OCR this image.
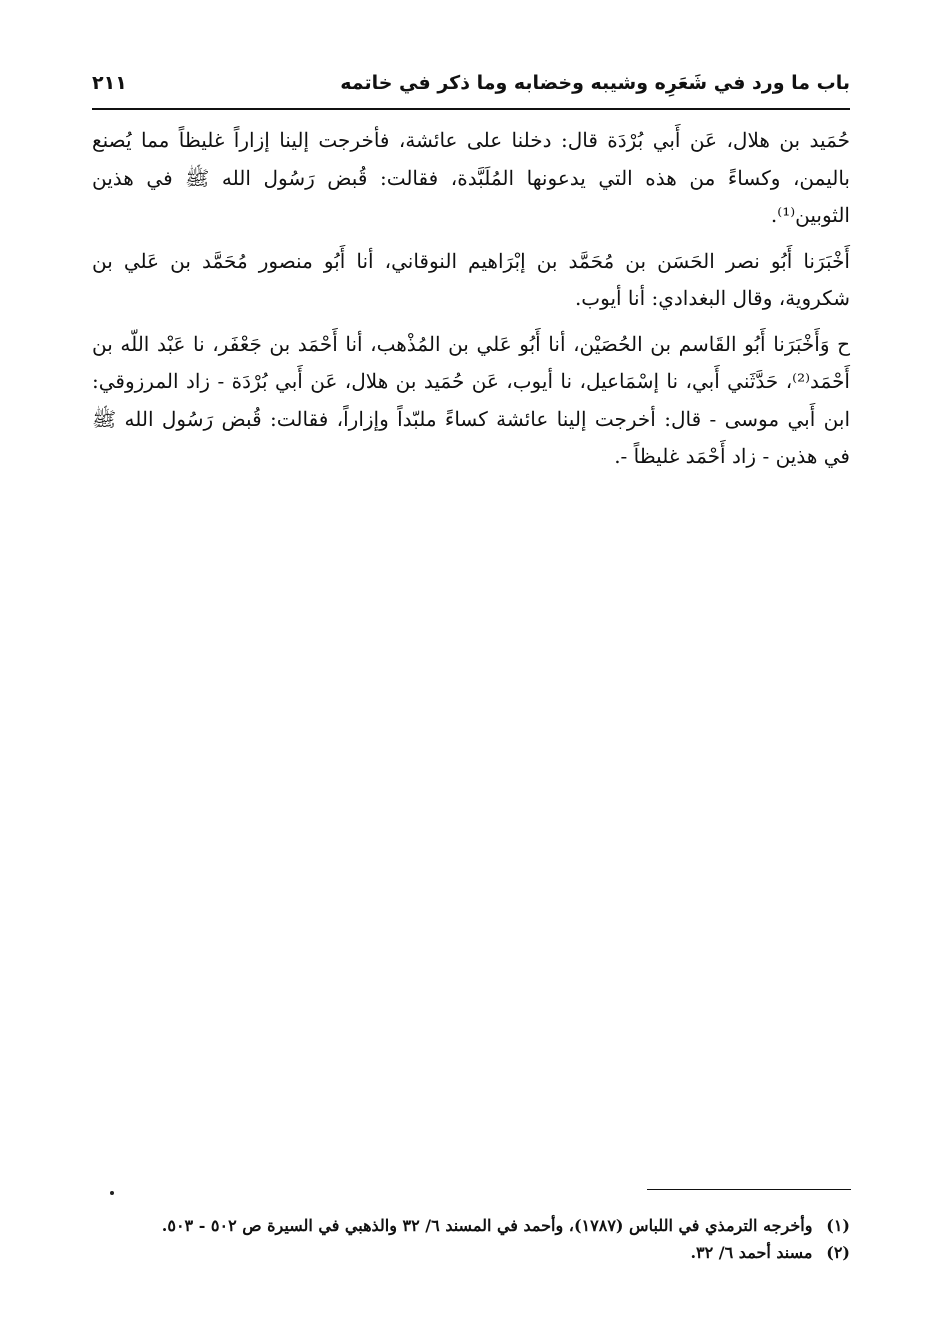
باب ما ورد في شَعَرِه وشيبه وخضابه وما ذكر في خاتمه
٢١١

حُمَيد بن هلال، عَن أَبي بُرْدَة قال: دخلنا على عائشة، فأخرجت إلينا إزاراً غليظاً مما يُصنع باليمن، وكساءً من هذه التي يدعونها المُلَبَّدة، فقالت: قُبض رَسُول الله ﷺ في هذين الثوبين⁽¹⁾.

أَخْبَرَنا أَبُو نصر الحَسَن بن مُحَمَّد بن إبْرَاهيم النوقاني، أنا أَبُو منصور مُحَمَّد بن عَلي بن شكروية، وقال البغدادي: أنا أيوب.

ح وَأَخْبَرَنا أَبُو القَاسم بن الحُصَيْن، أنا أَبُو عَلي بن المُذْهب، أنا أَحْمَد بن جَعْفَر، نا عَبْد اللّه بن أَحْمَد⁽²⁾، حَدَّثَني أَبي، نا إسْمَاعيل، نا أيوب، عَن حُمَيد بن هلال، عَن أَبي بُرْدَة - زاد المرزوقي: ابن أَبي موسى - قال: أخرجت إلينا عائشة كساءً ملبّداً وإزاراً، فقالت: قُبض رَسُول الله ﷺ في هذين - زاد أَحْمَد غليظاً -.

(١) وأخرجه الترمذي في اللباس (١٧٨٧)، وأحمد في المسند ٦/ ٣٢ والذهبي في السيرة ص ٥٠٢ - ٥٠٣.
(٢) مسند أحمد ٦/ ٣٢.
